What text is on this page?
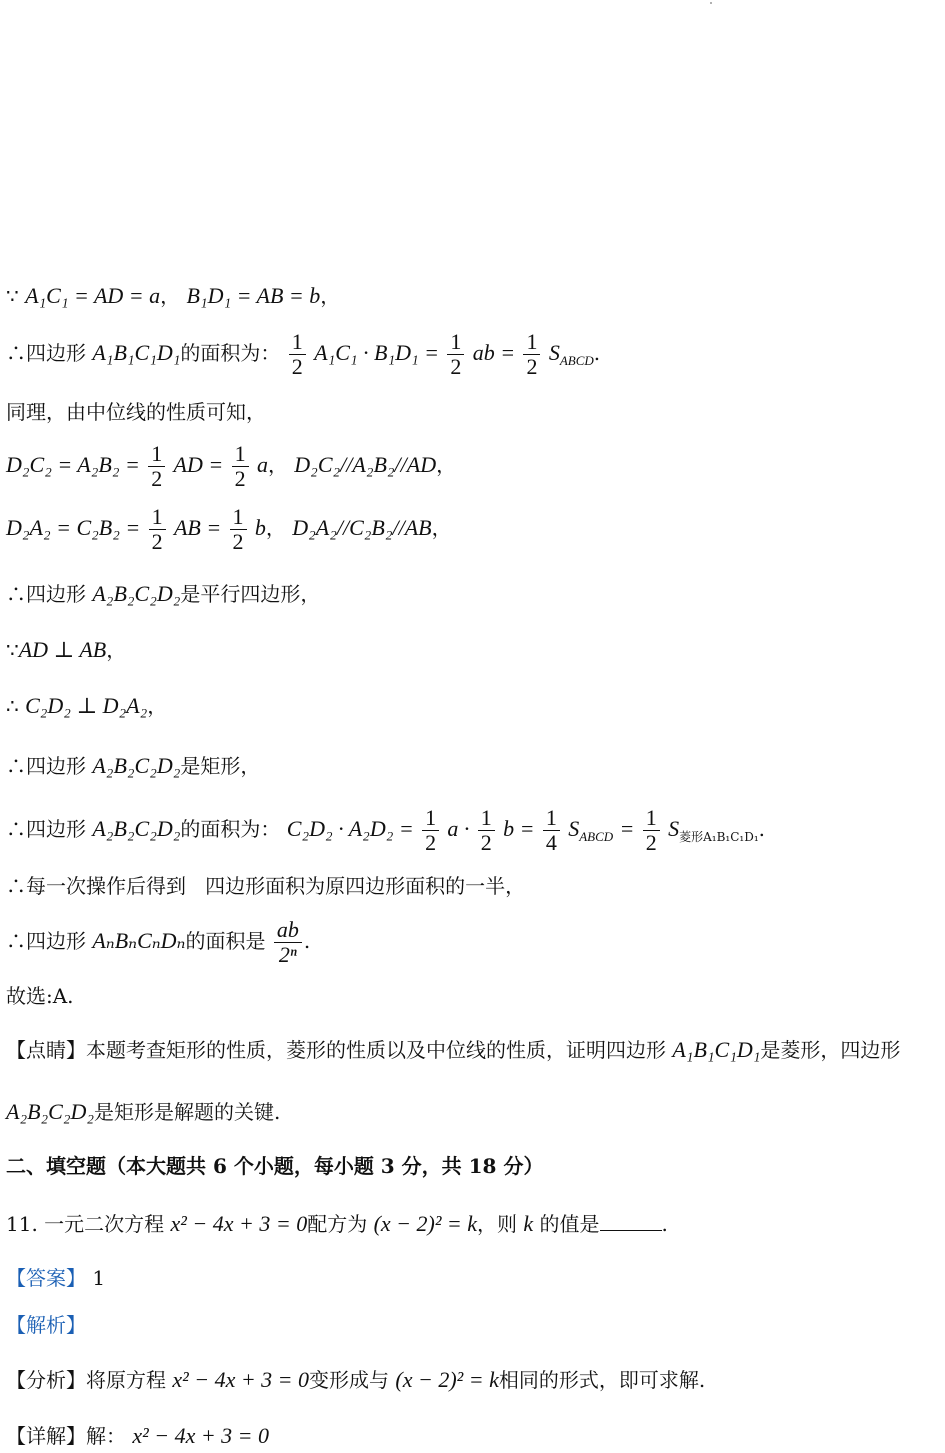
∵ A₁C₁ = AD = a， B₁D₁ = AB = b，
∴四边形 A₁B₁C₁D₁的面积为： $\frac{1}{2} A_1C_1 \cdot B_1D_1 = \frac{1}{2}$ ab = $\frac{1}{2} S_{ABCD}$.
同理，由中位线的性质可知，
$D_2C_2 = A_2B_2 = \frac{1}{2}$ AD = $\frac{1}{2}$ a， D₂C₂//A₂B₂//AD，
$D_2A_2 = C_2B_2 = \frac{1}{2}$ AB = $\frac{1}{2}$ b， D₂A₂//C₂B₂//AB，
∴四边形 A₂B₂C₂D₂是平行四边形，
∵AD ⊥ AB，
∴ C₂D₂ ⊥ D₂A₂，
∴四边形 A₂B₂C₂D₂是矩形，
∴四边形 A₂B₂C₂D₂的面积为： $C_2D_2 \cdot A_2D_2 = \frac{1}{2}$ $a \cdot \frac{1}{2}$ $b = \frac{1}{4} S_{ABCD} = \frac{1}{2} S_{菱形A_1B_1C_1D_1}$.
∴每一次操作后得到 四边形面积为原四边形面积的一半，
∴四边形 AₙBₙCₙDₙ的面积是 $\frac{ab}{\text{2ⁿ}}$ .
故选:A.
【点睛】本题考查矩形的性质，菱形的性质以及中位线的性质，证明四边形 A₁B₁C₁D₁是菱形，四边形
A₂B₂C₂D₂是矩形是解题的关键.
二、填空题（本大题共 6 个小题，每小题 3 分，共 18 分）
11. 一元二次方程 x² − 4x + 3 = 0配方为 (x − 2)² = k，则 k 的值是	.
【答案】 1
【解析】
【分析】将原方程 x² − 4x + 3 = 0变形成与 (x − 2)² = k相同的形式，即可求解.
【详解】解： x² − 4x + 3 = 0
